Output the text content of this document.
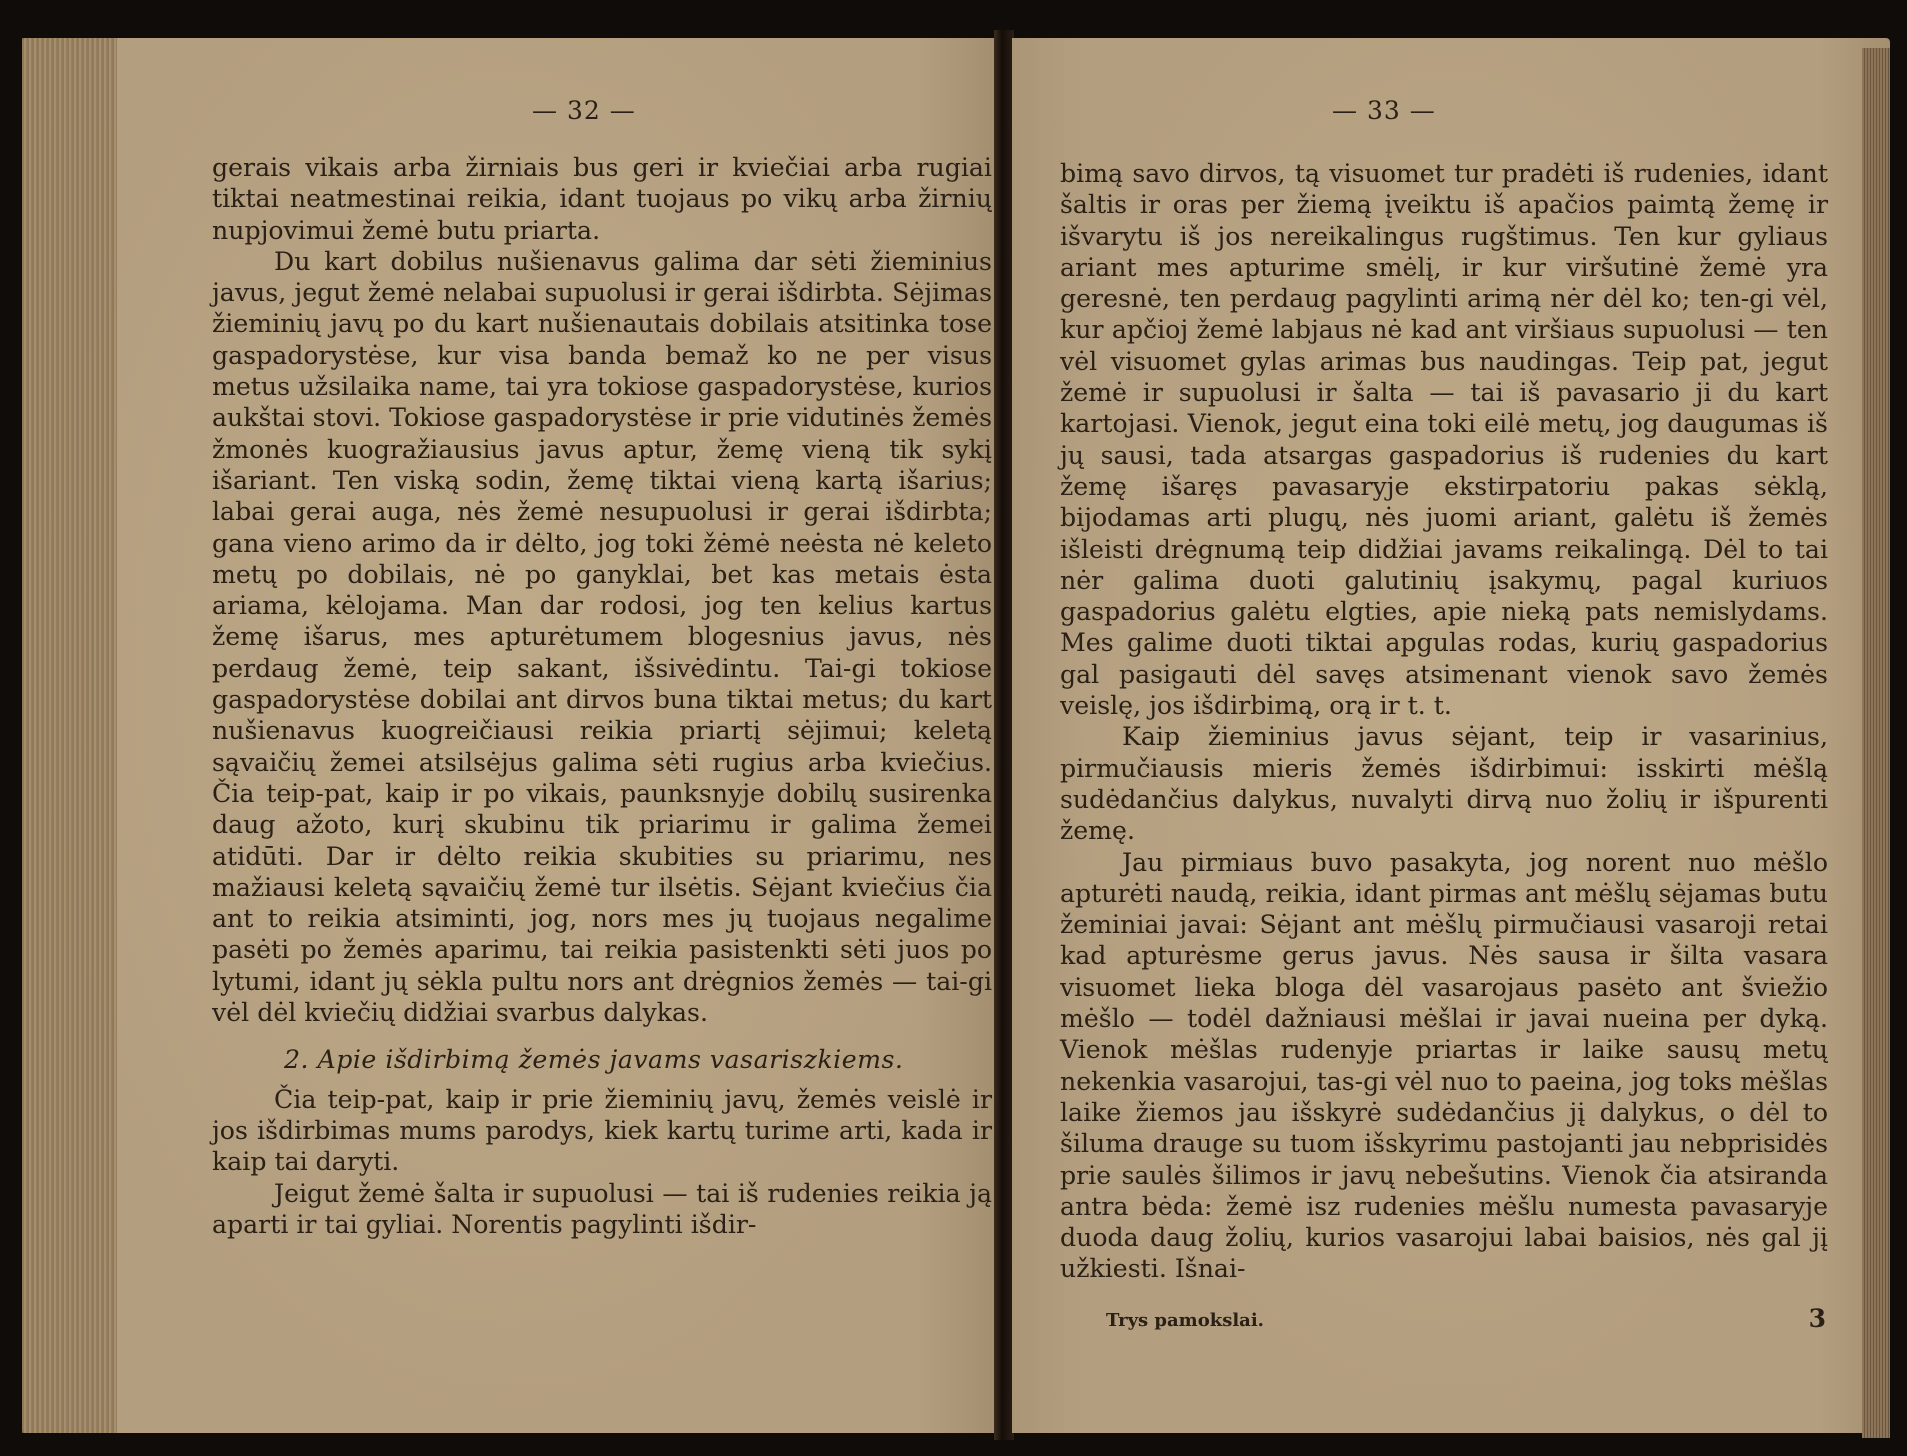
— 32 —

gerais vikais arba žirniais bus geri ir kviečiai arba rugiai tiktai neatmestinai reikia, idant tuojaus po vikų arba žirnių nupjovimui žemė butu priarta.

Du kart dobilus nušienavus galima dar sėti žieminius javus, jegut žemė nelabai supuolusi ir gerai išdirbta. Sėjimas žieminių javų po du kart nušienautais dobilais atsitinka tose gaspadorystėse, kur visa banda bemaž ko ne per visus metus užsilaika name, tai yra tokiose gaspadorystėse, kurios aukštai stovi. Tokiose gaspadorystėse ir prie vidutinės žemės žmonės kuogražiausius javus aptur, žemę vieną tik sykį išariant. Ten viską sodin, žemę tiktai vieną kartą išarius; labai gerai auga, nės žemė nesupuolusi ir gerai išdirbta; gana vieno arimo da ir dėlto, jog toki žėmė neėsta nė keleto metų po dobilais, nė po ganyklai, bet kas metais ėsta ariama, kėlojama. Man dar rodosi, jog ten kelius kartus žemę išarus, mes apturėtumem blogesnius javus, nės perdaug žemė, teip sakant, išsivėdintu. Tai-gi tokiose gaspadorystėse dobilai ant dirvos buna tiktai metus; du kart nušienavus kuogreičiausi reikia priartį sėjimui; keletą sąvaičių žemei atsilsėjus galima sėti rugius arba kviečius. Čia teip-pat, kaip ir po vikais, paunksnyje dobilų susirenka daug ažoto, kurį skubinu tik priarimu ir galima žemei atidūti. Dar ir dėlto reikia skubities su priarimu, nes mažiausi keletą sąvaičių žemė tur ilsėtis. Sėjant kviečius čia ant to reikia atsiminti, jog, nors mes jų tuojaus negalime pasėti po žemės aparimu, tai reikia pasistenkti sėti juos po lytumi, idant jų sėkla pultu nors ant drėgnios žemės — tai-gi vėl dėl kviečių didžiai svarbus dalykas.

2. Apie išdirbimą žemės javams vasariszkiems.

Čia teip-pat, kaip ir prie žieminių javų, žemės veislė ir jos išdirbimas mums parodys, kiek kartų turime arti, kada ir kaip tai daryti.

Jeigut žemė šalta ir supuolusi — tai iš rudenies reikia ją aparti ir tai gyliai. Norentis pagylinti išdir-

— 33 —

bimą savo dirvos, tą visuomet tur pradėti iš rudenies, idant šaltis ir oras per žiemą įveiktu iš apačios paimtą žemę ir išvarytu iš jos nereikalingus rugštimus. Ten kur gyliaus ariant mes apturime smėlį, ir kur viršutinė žemė yra geresnė, ten perdaug pagylinti arimą nėr dėl ko; ten-gi vėl, kur apčioj žemė labjaus nė kad ant viršiaus supuolusi — ten vėl visuomet gylas arimas bus naudingas. Teip pat, jegut žemė ir supuolusi ir šalta — tai iš pavasario ji du kart kartojasi. Vienok, jegut eina toki eilė metų, jog daugumas iš jų sausi, tada atsargas gaspadorius iš rudenies du kart žemę išaręs pavasaryje ekstirpatoriu pakas sėklą, bijodamas arti plugų, nės juomi ariant, galėtu iš žemės išleisti drėgnumą teip didžiai javams reikalingą. Dėl to tai nėr galima duoti galutinių įsakymų, pagal kuriuos gaspadorius galėtu elgties, apie nieką pats nemislydams. Mes galime duoti tiktai apgulas rodas, kurių gaspadorius gal pasigauti dėl savęs atsimenant vienok savo žemės veislę, jos išdirbimą, orą ir t. t.

Kaip žieminius javus sėjant, teip ir vasarinius, pirmučiausis mieris žemės išdirbimui: isskirti mėšlą sudėdančius dalykus, nuvalyti dirvą nuo žolių ir išpurenti žemę.

Jau pirmiaus buvo pasakyta, jog norent nuo mėšlo apturėti naudą, reikia, idant pirmas ant mėšlų sėjamas butu žeminiai javai: Sėjant ant mėšlų pirmučiausi vasaroji retai kad apturėsme gerus javus. Nės sausa ir šilta vasara visuomet lieka bloga dėl vasarojaus pasėto ant šviežio mėšlo — todėl dažniausi mėšlai ir javai nueina per dyką. Vienok mėšlas rudenyje priartas ir laike sausų metų nekenkia vasarojui, tas-gi vėl nuo to paeina, jog toks mėšlas laike žiemos jau išskyrė sudėdančius jį dalykus, o dėl to šiluma drauge su tuom išskyrimu pastojanti jau nebprisidės prie saulės šilimos ir javų nebešutins. Vienok čia atsiranda antra bėda: žemė isz rudenies mėšlu numesta pavasaryje duoda daug žolių, kurios vasarojui labai baisios, nės gal jį užkiesti. Išnai-

Trys pamokslai.	3
